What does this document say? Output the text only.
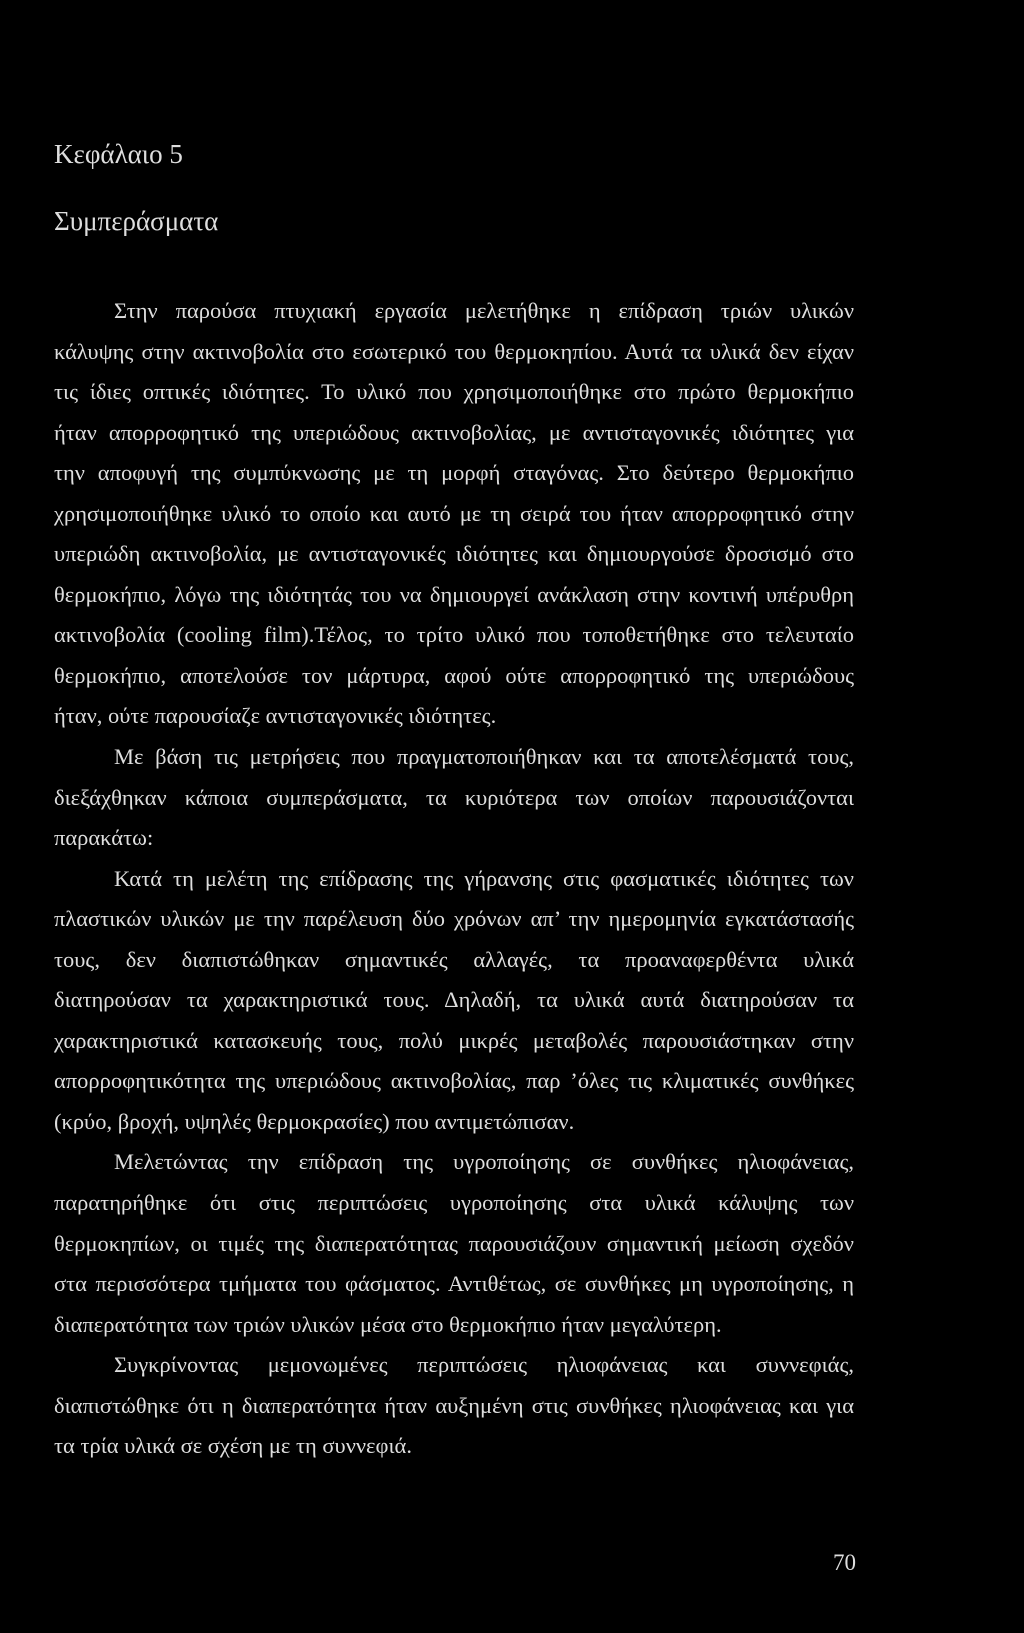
Κεφάλαιο 5
Συμπεράσματα

Στην παρούσα πτυχιακή εργασία μελετήθηκε η επίδραση τριών υλικών
κάλυψης στην ακτινοβολία στο εσωτερικό του θερμοκηπίου. Αυτά τα υλικά δεν είχαν
τις ίδιες οπτικές ιδιότητες. Το υλικό που χρησιμοποιήθηκε στο πρώτο θερμοκήπιο
ήταν απορροφητικό της υπεριώδους ακτινοβολίας, με αντισταγονικές ιδιότητες για
την αποφυγή της συμπύκνωσης με τη μορφή σταγόνας. Στο δεύτερο θερμοκήπιο
χρησιμοποιήθηκε υλικό το οποίο και αυτό με τη σειρά του ήταν απορροφητικό στην
υπεριώδη ακτινοβολία, με αντισταγονικές ιδιότητες και δημιουργούσε δροσισμό στο
θερμοκήπιο, λόγω της ιδιότητάς του να δημιουργεί ανάκλαση στην κοντινή υπέρυθρη
ακτινοβολία (cooling film).Τέλος, το τρίτο υλικό που τοποθετήθηκε στο τελευταίο
θερμοκήπιο, αποτελούσε τον μάρτυρα, αφού ούτε απορροφητικό της υπεριώδους
ήταν, ούτε παρουσίαζε αντισταγονικές ιδιότητες.

Με βάση τις μετρήσεις που πραγματοποιήθηκαν και τα αποτελέσματά τους,
διεξάχθηκαν κάποια συμπεράσματα, τα κυριότερα των οποίων παρουσιάζονται
παρακάτω:

Κατά τη μελέτη της επίδρασης της γήρανσης στις φασματικές ιδιότητες των
πλαστικών υλικών με την παρέλευση δύο χρόνων απ’ την ημερομηνία εγκατάστασής
τους, δεν διαπιστώθηκαν σημαντικές αλλαγές, τα προαναφερθέντα υλικά
διατηρούσαν τα χαρακτηριστικά τους. Δηλαδή, τα υλικά αυτά διατηρούσαν τα
χαρακτηριστικά κατασκευής τους, πολύ μικρές μεταβολές παρουσιάστηκαν στην
απορροφητικότητα της υπεριώδους ακτινοβολίας, παρ ’όλες τις κλιματικές συνθήκες
(κρύο, βροχή, υψηλές θερμοκρασίες) που αντιμετώπισαν.

Μελετώντας την επίδραση της υγροποίησης σε συνθήκες ηλιοφάνειας,
παρατηρήθηκε ότι στις περιπτώσεις υγροποίησης στα υλικά κάλυψης των
θερμοκηπίων, οι τιμές της διαπερατότητας παρουσιάζουν σημαντική μείωση σχεδόν
στα περισσότερα τμήματα του φάσματος. Αντιθέτως, σε συνθήκες μη υγροποίησης, η
διαπερατότητα των τριών υλικών μέσα στο θερμοκήπιο ήταν μεγαλύτερη.

Συγκρίνοντας μεμονωμένες περιπτώσεις ηλιοφάνειας και συννεφιάς,
διαπιστώθηκε ότι η διαπερατότητα ήταν αυξημένη στις συνθήκες ηλιοφάνειας και για
τα τρία υλικά σε σχέση με τη συννεφιά.

70
